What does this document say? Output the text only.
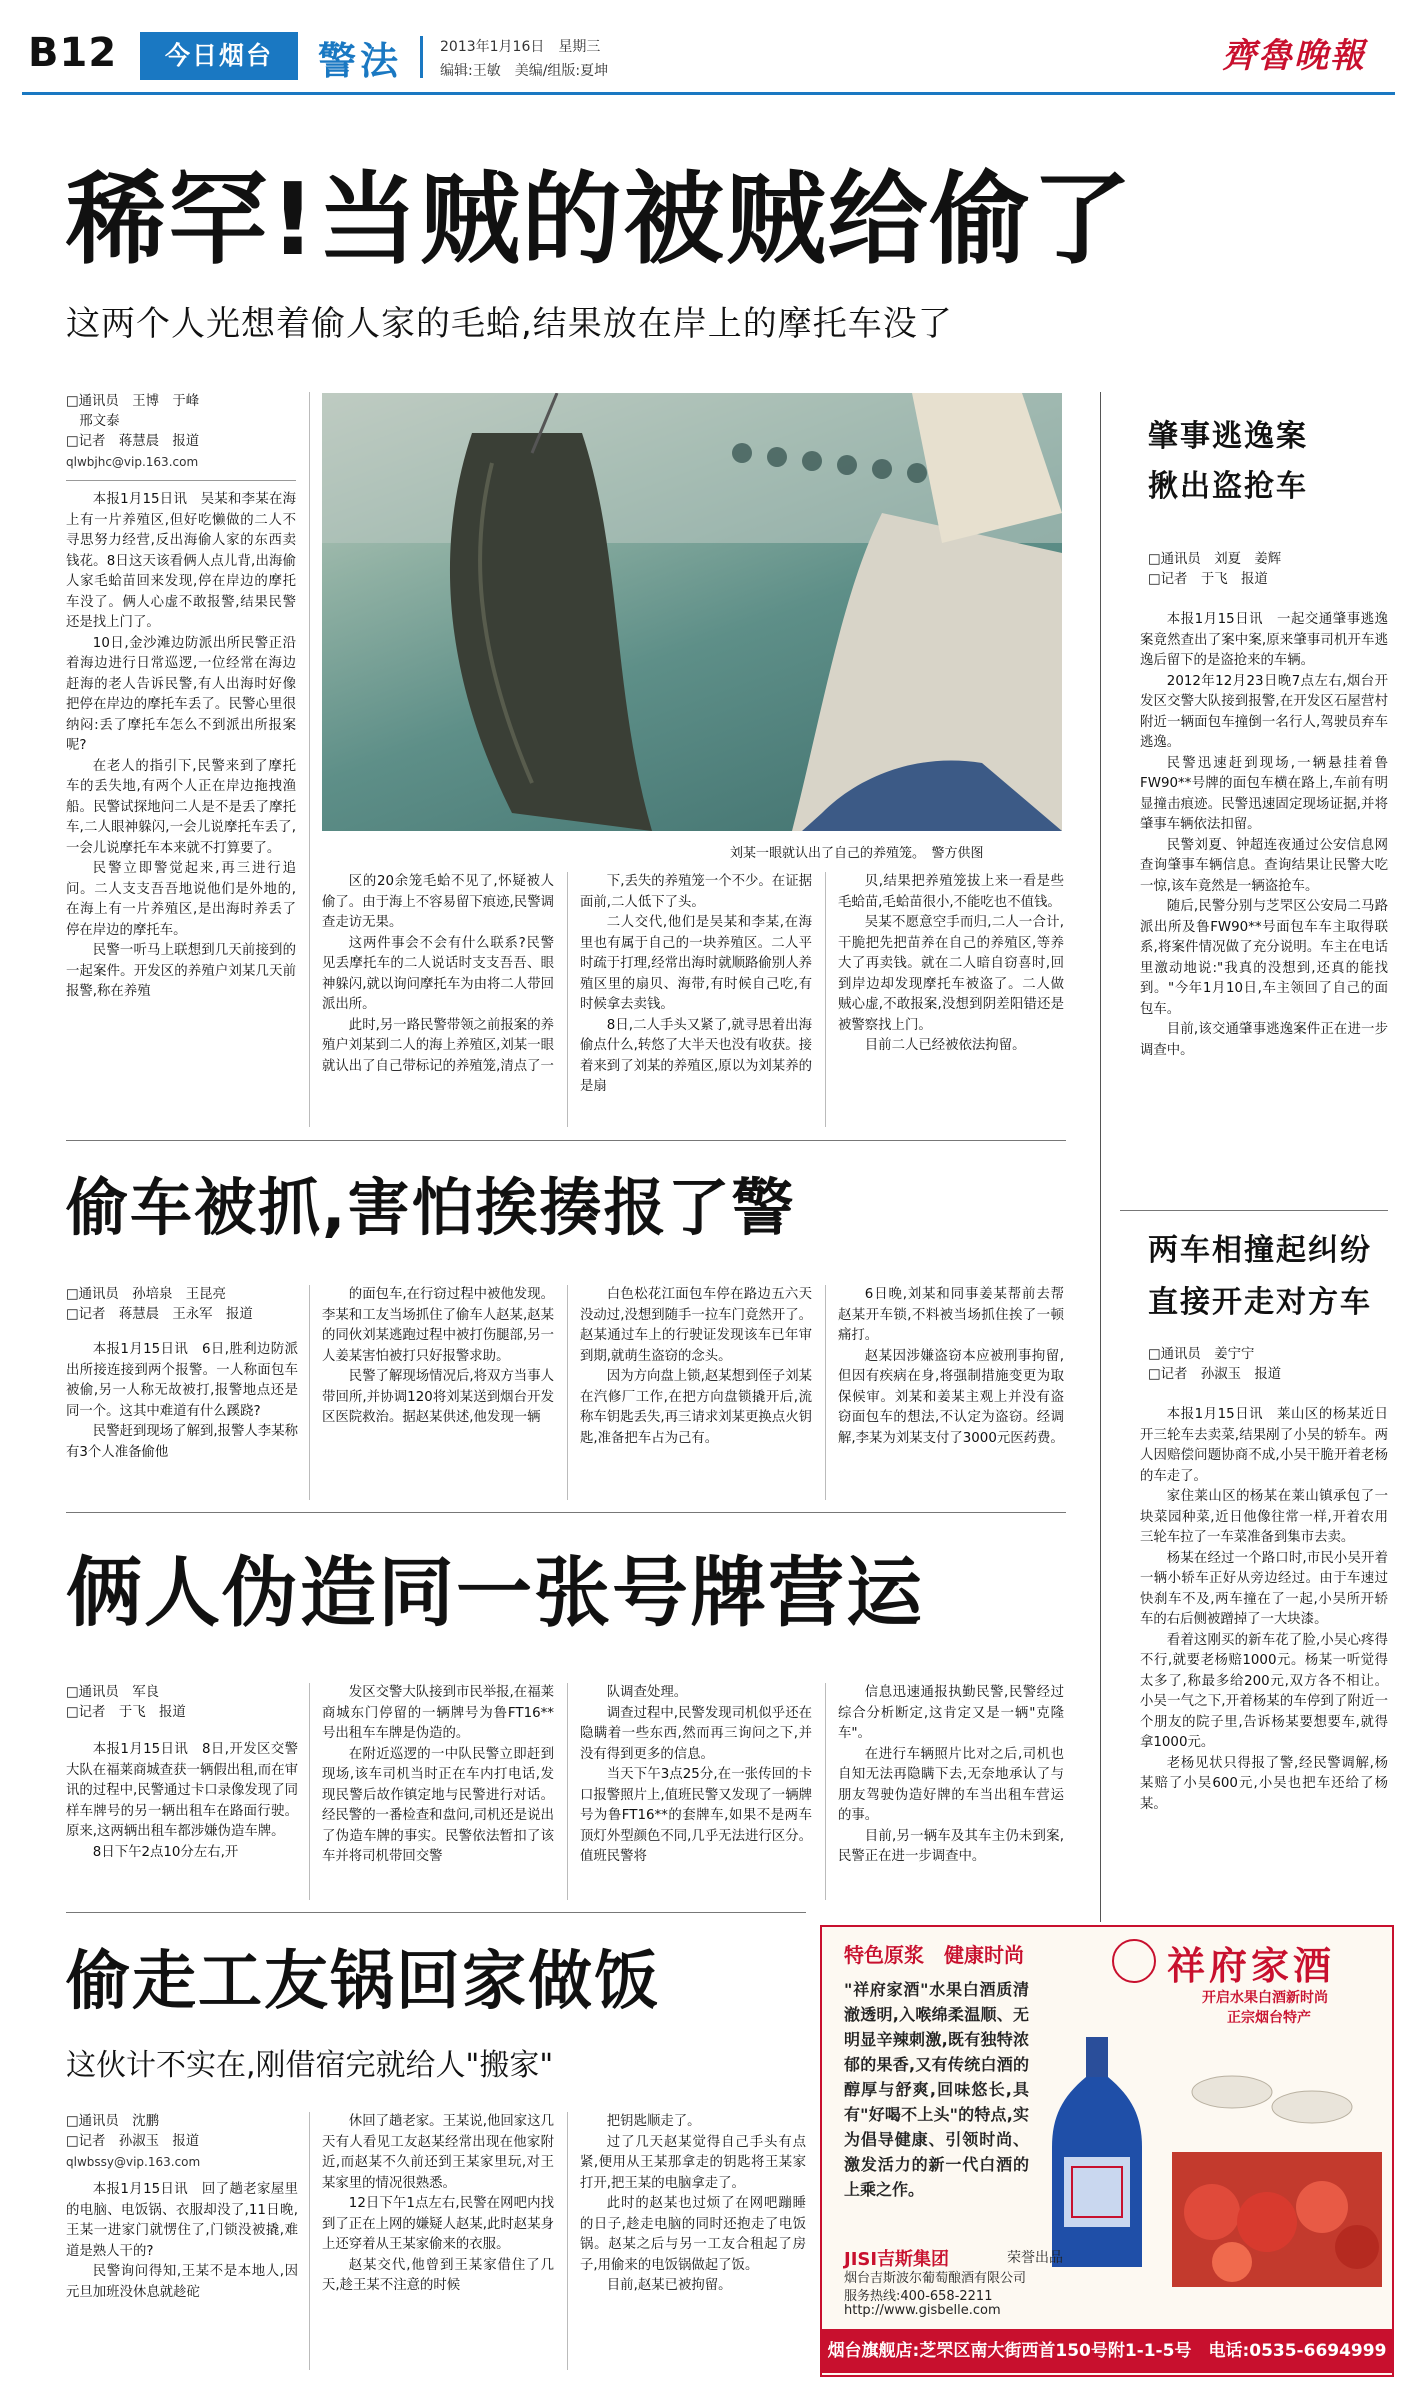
B12	今日烟台	警法	2013年1月16日　星期三
编辑:王敏　美编/组版:夏坤	齊魯晚報
稀罕!当贼的被贼给偷了
这两个人光想着偷人家的毛蛤,结果放在岸上的摩托车没了
□通讯员　王博　于峰
　邢文泰
□记者　蒋慧晨　报道
qlwbjhc@vip.163.com

本报1月15日讯　吴某和李某在海上有一片养殖区,但好吃懒做的二人不寻思努力经营,反出海偷人家的东西卖钱花。8日这天该看俩人点儿背,出海偷人家毛蛤苗回来发现,停在岸边的摩托车没了。俩人心虚不敢报警,结果民警还是找上门了。

10日,金沙滩边防派出所民警正沿着海边进行日常巡逻,一位经常在海边赶海的老人告诉民警,有人出海时好像把停在岸边的摩托车丢了。民警心里很纳闷:丢了摩托车怎么不到派出所报案呢?

在老人的指引下,民警来到了摩托车的丢失地,有两个人正在岸边拖拽渔船。民警试探地问二人是不是丢了摩托车,二人眼神躲闪,一会儿说摩托车丢了,一会儿说摩托车本来就不打算要了。

民警立即警觉起来,再三进行追问。二人支支吾吾地说他们是外地的,在海上有一片养殖区,是出海时养丢了停在岸边的摩托车。

民警一听马上联想到几天前接到的一起案件。开发区的养殖户刘某几天前报警,称在养殖

刘某一眼就认出了自己的养殖笼。　警方供图

区的20余笼毛蛤不见了,怀疑被人偷了。由于海上不容易留下痕迹,民警调查走访无果。

这两件事会不会有什么联系?民警见丢摩托车的二人说话时支支吾吾、眼神躲闪,就以询问摩托车为由将二人带回派出所。

此时,另一路民警带领之前报案的养殖户刘某到二人的海上养殖区,刘某一眼就认出了自己带标记的养殖笼,清点了一

下,丢失的养殖笼一个不少。在证据面前,二人低下了头。

二人交代,他们是吴某和李某,在海里也有属于自己的一块养殖区。二人平时疏于打理,经常出海时就顺路偷别人养殖区里的扇贝、海带,有时候自己吃,有时候拿去卖钱。

8日,二人手头又紧了,就寻思着出海偷点什么,转悠了大半天也没有收获。接着来到了刘某的养殖区,原以为刘某养的是扇

贝,结果把养殖笼拔上来一看是些毛蛤苗,毛蛤苗很小,不能吃也不值钱。

吴某不愿意空手而归,二人一合计,干脆把先把苗养在自己的养殖区,等养大了再卖钱。就在二人暗自窃喜时,回到岸边却发现摩托车被盗了。二人做贼心虚,不敢报案,没想到阴差阳错还是被警察找上门。

目前二人已经被依法拘留。

偷车被抓,害怕挨揍报了警
□通讯员　孙培泉　王昆亮
□记者　蒋慧晨　王永军　报道

本报1月15日讯　6日,胜利边防派出所接连接到两个报警。一人称面包车被偷,另一人称无故被打,报警地点还是同一个。这其中难道有什么蹊跷?

民警赶到现场了解到,报警人李某称有3个人准备偷他

的面包车,在行窃过程中被他发现。李某和工友当场抓住了偷车人赵某,赵某的同伙刘某逃跑过程中被打伤腿部,另一人姜某害怕被打只好报警求助。

民警了解现场情况后,将双方当事人带回所,并协调120将刘某送到烟台开发区医院救治。据赵某供述,他发现一辆

白色松花江面包车停在路边五六天没动过,没想到随手一拉车门竟然开了。赵某通过车上的行驶证发现该车已年审到期,就萌生盗窃的念头。

因为方向盘上锁,赵某想到侄子刘某在汽修厂工作,在把方向盘锁撬开后,流称车钥匙丢失,再三请求刘某更换点火钥匙,准备把车占为己有。

6日晚,刘某和同事姜某帮前去帮赵某开车锁,不料被当场抓住挨了一顿痛打。

赵某因涉嫌盗窃本应被刑事拘留,但因有疾病在身,将强制措施变更为取保候审。刘某和姜某主观上并没有盗窃面包车的想法,不认定为盗窃。经调解,李某为刘某支付了3000元医药费。

俩人伪造同一张号牌营运
□通讯员　军良
□记者　于飞　报道

本报1月15日讯　8日,开发区交警大队在福莱商城查获一辆假出租,而在审讯的过程中,民警通过卡口录像发现了同样车牌号的另一辆出租车在路面行驶。原来,这两辆出租车都涉嫌伪造车牌。

8日下午2点10分左右,开

发区交警大队接到市民举报,在福莱商城东门停留的一辆牌号为鲁FT16**号出租车车牌是伪造的。

在附近巡逻的一中队民警立即赶到现场,该车司机当时正在车内打电话,发现民警后故作镇定地与民警进行对话。经民警的一番检查和盘问,司机还是说出了伪造车牌的事实。民警依法暂扣了该车并将司机带回交警

队调查处理。

调查过程中,民警发现司机似乎还在隐瞒着一些东西,然而再三询问之下,并没有得到更多的信息。

当天下午3点25分,在一张传回的卡口报警照片上,值班民警又发现了一辆牌号为鲁FT16**的套牌车,如果不是两车顶灯外型颜色不同,几乎无法进行区分。值班民警将

信息迅速通报执勤民警,民警经过综合分析断定,这肯定又是一辆"克隆车"。

在进行车辆照片比对之后,司机也自知无法再隐瞒下去,无奈地承认了与朋友驾驶伪造好牌的车当出租车营运的事。

目前,另一辆车及其车主仍未到案,民警正在进一步调查中。

偷走工友锅回家做饭
这伙计不实在,刚借宿完就给人"搬家"
□通讯员　沈鹏
□记者　孙淑玉　报道
qlwbssy@vip.163.com

本报1月15日讯　回了趟老家屋里的电脑、电饭锅、衣服却没了,11日晚,王某一进家门就愣住了,门锁没被撬,难道是熟人干的?

民警询问得知,王某不是本地人,因元旦加班没休息就趁砣

休回了趟老家。王某说,他回家这几天有人看见工友赵某经常出现在他家附近,而赵某不久前还到王某家里玩,对王某家里的情况很熟悉。

12日下午1点左右,民警在网吧内找到了正在上网的嫌疑人赵某,此时赵某身上还穿着从王某家偷来的衣服。

赵某交代,他曾到王某家借住了几天,趁王某不注意的时候

把钥匙顺走了。

过了几天赵某觉得自己手头有点紧,便用从王某那拿走的钥匙将王某家打开,把王某的电脑拿走了。

此时的赵某也过烦了在网吧蹦睡的日子,趁走电脑的同时还抱走了电饭锅。赵某之后与另一工友合租起了房子,用偷来的电饭锅做起了饭。

目前,赵某已被拘留。

肇事逃逸案
揪出盗抢车
□通讯员　刘夏　姜辉
□记者　于飞　报道

本报1月15日讯　一起交通肇事逃逸案竟然查出了案中案,原来肇事司机开车逃逸后留下的是盗抢来的车辆。

2012年12月23日晚7点左右,烟台开发区交警大队接到报警,在开发区石屋营村附近一辆面包车撞倒一名行人,驾驶员弃车逃逸。

民警迅速赶到现场,一辆悬挂着鲁FW90**号牌的面包车横在路上,车前有明显撞击痕迹。民警迅速固定现场证据,并将肇事车辆依法扣留。

民警刘夏、钟超连夜通过公安信息网查询肇事车辆信息。查询结果让民警大吃一惊,该车竟然是一辆盗抢车。

随后,民警分别与芝罘区公安局二马路派出所及鲁FW90**号面包车车主取得联系,将案件情况做了充分说明。车主在电话里激动地说:"我真的没想到,还真的能找到。"今年1月10日,车主领回了自己的面包车。

目前,该交通肇事逃逸案件正在进一步调查中。

两车相撞起纠纷
直接开走对方车
□通讯员　姜宁宁
□记者　孙淑玉　报道

本报1月15日讯　莱山区的杨某近日开三轮车去卖菜,结果剐了小吴的轿车。两人因赔偿问题协商不成,小吴干脆开着老杨的车走了。

家住莱山区的杨某在莱山镇承包了一块菜园种菜,近日他像往常一样,开着农用三轮车拉了一车菜准备到集市去卖。

杨某在经过一个路口时,市民小吴开着一辆小轿车正好从旁边经过。由于车速过快刹车不及,两车撞在了一起,小吴所开轿车的右后侧被蹭掉了一大块漆。

看着这刚买的新车花了脸,小吴心疼得不行,就要老杨赔1000元。杨某一听觉得太多了,称最多给200元,双方各不相让。小吴一气之下,开着杨某的车停到了附近一个朋友的院子里,告诉杨某要想要车,就得拿1000元。

老杨见状只得报了警,经民警调解,杨某赔了小吴600元,小吴也把车还给了杨某。

特色原浆　健康时尚	祥府家酒
开启水果白酒新时尚
正宗烟台特产
"祥府家酒"水果白酒质清澈透明,入喉绵柔温顺、无明显辛辣刺激,既有独特浓郁的果香,又有传统白酒的醇厚与舒爽,回味悠长,具有"好喝不上头"的特点,实为倡导健康、引领时尚、激发活力的新一代白酒的上乘之作。
JISI吉斯集团	荣誉出品
烟台吉斯波尔葡萄酿酒有限公司
服务热线:400-658-2211
http://www.gisbelle.com
烟台旗舰店:芝罘区南大街西首150号附1-1-5号　电话:0535-6694999
